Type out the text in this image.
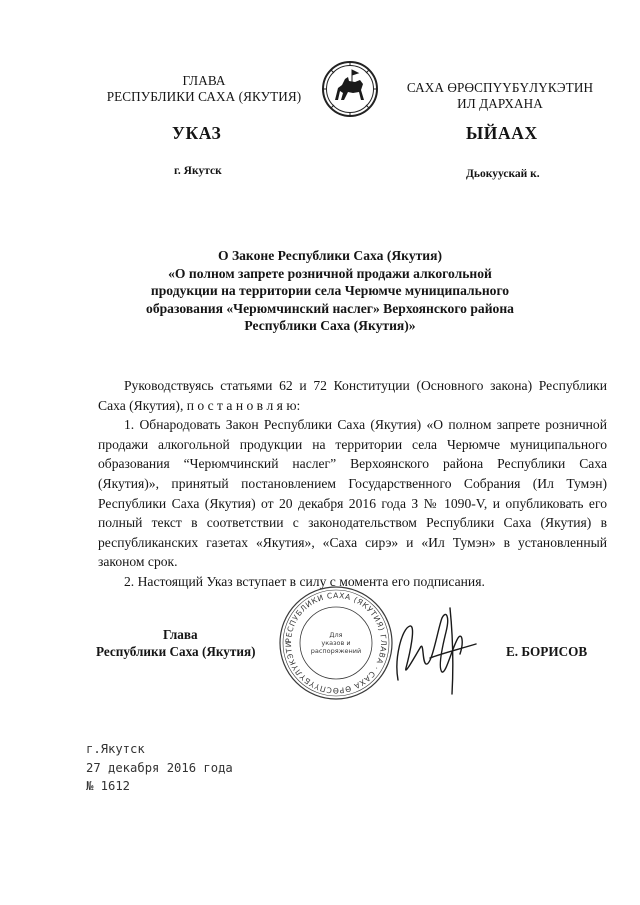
ГЛАВА
РЕСПУБЛИКИ САХА (ЯКУТИЯ)
САХА ӨРӨСПҮҮБҮЛҮКЭТИН
ИЛ ДАРХАНА
УКАЗ	ЫЙААХ
г. Якутск	Дьокуускай к.
О Законе Республики Саха (Якутия)
«О полном запрете розничной продажи алкогольной
продукции на территории села Черюмче муниципального
образования «Черюмчинский наслег» Верхоянского района
Республики Саха (Якутия)»

Руководствуясь статьями 62 и 72 Конституции (Основного закона) Республики Саха (Якутия), п о с т а н о в л я ю:

1. Обнародовать Закон Республики Саха (Якутия) «О полном запрете розничной продажи алкогольной продукции на территории села Черюмче муниципального образования “Черюмчинский наслег” Верхоянского района Республики Саха (Якутия)», принятый постановлением Государственного Собрания (Ил Тумэн) Республики Саха (Якутия) от 20 декабря 2016 года З № 1090-V, и опубликовать его полный текст в соответствии с законодательством Республики Саха (Якутия) в республиканских газетах «Якутия», «Саха сирэ» и «Ил Тумэн» в установленный законом срок.

2. Настоящий Указ вступает в силу с момента его подписания.

Глава
Республики Саха (Якутия)
РЕСПУБЛИКИ САХА (ЯКУТИЯ) ГЛАВА · САХА ӨРӨСПҮҮБҮЛҮКЭТИ
Для
указов и
распоряжений	Е. БОРИСОВ
г.Якутск
27 декабря 2016 года
№ 1612
